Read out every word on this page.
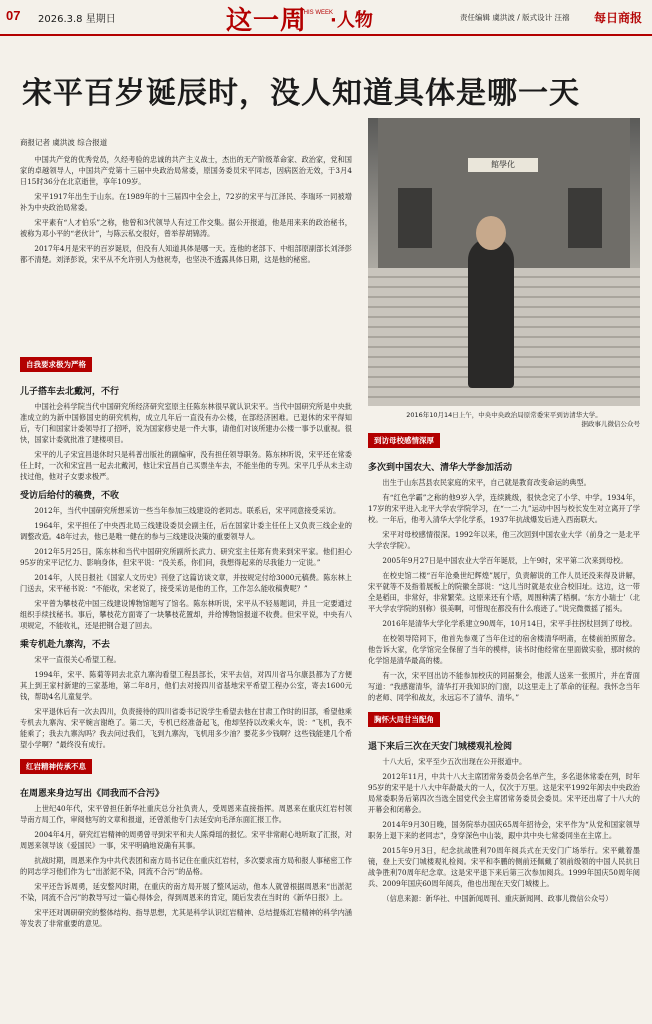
07 2026.3.8 星期日	这一周
THIS WEEK
·人物	责任编辑 虞洪波 / 版式设计 汪禧 每日商报
宋平百岁诞辰时，没人知道具体是哪一天
商报记者 虞洪波 综合报道

中国共产党的优秀党员，久经考验的忠诚的共产主义战士，杰出的无产阶级革命家、政治家，党和国家的卓越领导人，中国共产党第十三届中央政治局常委，原国务委员宋平同志，因病医治无效，于3月4日15时36分在北京逝世，享年109岁。

宋平1917年出生于山东。在1989年的十三届四中全会上，72岁的宋平与江泽民、李瑞环一同被增补为中央政治局常委。

宋平素有“人才伯乐”之称，他曾和3代领导人有过工作交集。据公开报道，他是用来来的政治秘书，被称为邓小平的“老伙计”，与陈云私交很好，曾举荐胡锦涛。

2017年4月是宋平的百岁诞辰，但没有人知道具体是哪一天。连他的老部下、中组部原副部长刘泽彭都不清楚。刘泽彭说，宋平从不允许别人为他祝寿，也坚决不透露具体日期，这是他的秘密。

自我要求极为严格
儿子搭车去北戴河，不行

中国社会科学院当代中国研究所经济研究室原主任陈东林很早就认识宋平。当代中国研究所是中央批准成立的为新中国修国史的研究机构，成立几年后一直没有办公楼，在部经济困难。已退休的宋平得知后，专门和国家计委领导打了招呼，说为国家修史是一件大事，请他们对该所建办公楼一事予以重视。很快，国家计委就批准了建楼项目。

宋平的儿子宋宜昌退休时只是科普出版社的副编审，没有担任领导职务。陈东林听说，宋平还在常委任上时，一次和宋宜昌一起去北戴河，他让宋宜昌自己买票坐车去，不能坐他的专列。宋平几乎从未主动找过他，他对子女要求极严。

受访后给付的稿费，不收

2012年，当代中国研究所想采访一些当年参加三线建设的老同志。联系后，宋平同意接受采访。

1964年，宋平担任了中央西北局三线建设委员会副主任，后在国家计委主任任上又负责三线企业的调整改造。48年过去，他已是唯一健在的参与三线建设决策的重要领导人。

2012年5月25日，陈东林和当代中国研究所副所长武力、研究室主任郑有贵来到宋平家。他们担心95岁的宋平记忆力、影响身体，但宋平说：“没关系，你们问，我想得起来的尽我能力一定说。”

2014年，人民日报社《国家人文历史》刊登了这篇访谈文章，并按规定付给3000元稿费。陈东林上门送去，宋平秘书说：“不能收，宋老说了，接受采访是他的工作，工作怎么能收稿费呢？”

宋平曾为攀枝花中国三线建设博物馆题写了馆名。陈东林听说，宋平从不轻易题词，并且一定要通过组织手续找秘书。事后，攀枝花方面寄了一块攀枝花置却，并给博物馆报道不收费。但宋平说，中央有八项规定，不能收礼，还是把钢合退了回去。

乘专机赴九寨沟，不去

宋平一直很关心希望工程。

1994年，宋平、陈菊等同去北京九寨沟看望工程县部长，宋平去信，对四川省马尔康县都为了方便其上到王家村新建的三家基地，第二年8月，他们去对接四川省基地宋平希望工程办公室，寄去1600元钱，帮助4名儿童复学。

宋平退休后有一次去四川，负责接待的四川省委书记说学生希望去他在甘肃工作时的旧部，希望他乘专机去九寨沟、宋平婉言谢绝了。第二天，专机已经准备起飞，他却坚持以改乘火车，说：“飞机，我不能乘了；我去九寨沟吗？我去问过我们，飞到九寨沟，飞机用多少油？要花多少钱啊？这些钱能建几个希望小学啊？”最终没有成行。

红岩精神传承不息
在周恩来身边写出《同我而不合污》

上世纪40年代，宋平曾担任新华社重庆总分社负责人，受周恩来直接指挥。周恩来在重庆红岩村领导南方局工作，审阅他写的文章和报道，还曾派他专门去延安向毛泽东面汇报工作。

2004年4月，研究红岩精神的周勇曾寻到宋平和夫人陈舜瑶的报忆。宋平非常耐心地听取了汇报，对周恩来领导该《爱国民》一事，宋平明确地说确有其事。

抗战时期，周恩来作为中共代表团和南方局书记住在重庆红岩村，多次要求南方局和报人事秘密工作的同志学习他们作为七“出淤泥不染，同流不合污”的品格。

宋平还告诉周勇，延安整风时期，在重庆的南方局开展了整风运动，他本人就曾根据周恩来“出淤泥不染，同流不合污”的教导写过一篇心得体会，得到周恩来的肯定，随后发表在当时的《新华日报》上。

宋平还对调研研究的整体结构、指导思想，尤其是科学认识红岩精神、总结提炼红岩精神的科学内涵等发表了非常重要的意见。

館學化
2016年10月14日上午，中央中央政治局原常委宋平到访清华大学。
据政事儿微信公众号
到访母校感情深厚
多次到中国农大、清华大学参加活动

出生于山东莒县农民家庭的宋平，自己就是教育改变命运的典型。

有“红色学霸”之称的他9岁入学，连续跳级，很快念完了小学、中学。1934年，17岁的宋平进入北平大学农学院学习，在“一二·九”运动中因与校长发生对立离开了学校。一年后，他考入清华大学化学系，1937年抗战爆发后进入西南联大。

宋平对母校感情很深。1992年以来，他三次回到中国农业大学（前身之一是北平大学农学院）。

2005年9月27日是中国农业大学百年诞辰，上午9时，宋平第二次来到母校。

在校史馆二楼“百年沧桑世纪辉煌”展厅，负责解说的工作人员还没来得及讲解，宋平就等不及指着展板上的院徽全部说：“这儿当时就是农业合校旧址。这边，这一带全是稻田，非常好，非常繁荣。这原来还有个塔，周围种满了梧桐。‘东方小瑞士’（北平大学农学院的别称）很美啊，可惜现在都没有什么痕迹了。”说完微微摇了摇头。

2016年是清华大学化学系建立90周年，10月14日，宋平手拄拐杖回到了母校。

在校领导陪同下，他首先参观了当年住过的宿舍楼清华明斋，在楼前拍照留念。他告诉大家，化学馆完全保留了当年的模样，读书时他经常在里面做实验，那时候的化学馆是清华最高的楼。

有一次，宋平回出访不能参加校庆的同届聚会，他派人送来一张照片，并在背面写道：“我感谢清华，清华打开我知识的门窗，以这里走上了革命的征程。我怀念当年的老师、同学和战友，永远忘不了清华、清华。”

胸怀大局甘当配角
退下来后三次在天安门城楼观礼检阅

十八大后，宋平至少五次出现在公开报道中。

2012年11月，中共十八大主席团常务委员会名单产生，多名退休常委在列，时年95岁的宋平是十八大中年龄最大的一人，仅次于万里。这是宋平1992年卸去中央政治局常委职务后第四次当选全国党代会主席团常务委员会委员。宋平还出席了十八大的开幕会和闭幕会。

2014年9月30日晚，国务院举办国庆65周年招待会，宋平作为“从党和国家领导职务上退下来的老同志”，身穿深色中山装，跟中共中央七常委同坐在主席上。

2015年9月3日，纪念抗战胜利70周年阅兵式在天安门广场举行。宋平戴着墨镜，登上天安门城楼观礼检阅。宋平和李鹏的侧前还佩戴了领前级领的中国人民抗日战争胜利70周年纪念章。这是宋平退下来后第三次参加阅兵。1999年国庆50周年阅兵、2009年国庆60周年阅兵，他也出现在天安门城楼上。

（信息来源：新华社、中国新闻周刊、重庆新闻网、政事儿微信公众号）
